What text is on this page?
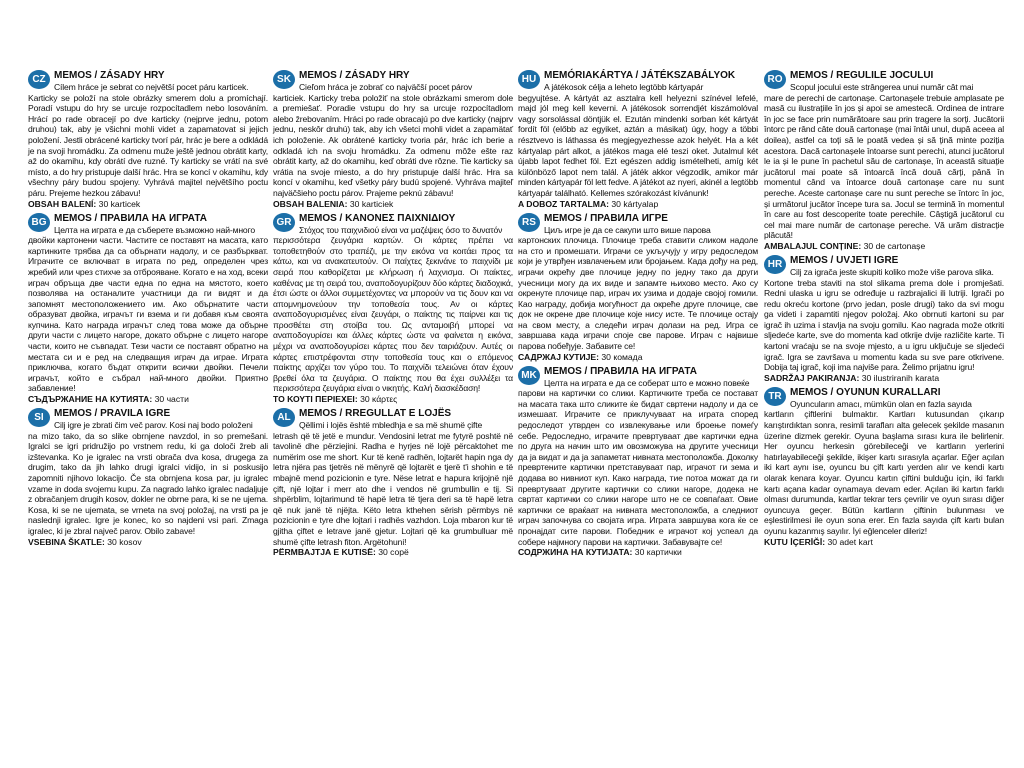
CZ MEMOS / ZÁSADY HRY
Cílem hráce je sebrat co největší pocet páru karticek.
Karticky se položí na stole obrázky smerem dolu a promíchají. Poradí vstupu do hry se urcuje rozpocítadlem nebo losováním. Hrácí po rade obracejí po dve karticky (nejprve jednu, potom druhou) tak, aby je všichni mohli videt a zapamatovat si jejich položení. Jestli obrácené karticky tvorí pár, hrác je bere a odkládá je na svoji hromádku. Za odmenu muže ještě jednou obrátit karty, až do okamihu, kdy obrátí dve ruzné. Ty karticky se vrátí na své místo, a do hry pristupuje další hrác. Hra se koncí v okamihu, kdy všechny páry budou spojeny. Vyhrává majitel největšího poctu páru. Prejeme hezkou zábavu!
OBSAH BALENÍ: 30 karticek
BG MEMOS / ПРАВИЛА НА ИГРАТА
Целта на играта е да съберете възможно най-много
двойки картонени части. Частите се поставят на масата, като картинките трябва да са обърнати надолу, и се разбъркват. Играчите се включват в играта по ред, определен чрез жребий или чрез стихче за отброяване. Когато е на ход, всеки играч обръща две части една по една на мястото, което позволява на останалите участници да ги видят и да запомнят местоположението им. Ако обърнатите части образуват двойка, играчът ги взема и ги добавя към своята купчина. Като награда играчът след това може да обърне други части с лицето нагоре, докато обърне с лицето нагоре части, които не съвпадат. Тези части се поставят обратно на местата си и е ред на следващия играч да играе. Играта приключва, когато бъдат открити всички двойки. Печели играчът, който е събрал най-много двойки. Приятно забавление!
СЪДЪРЖАНИЕ НА КУТИЯТА: 30 части
SI	MEMOS / PRAVILA IGRE
Cilj igre je zbrati čim več parov. Kosi naj bodo položeni
na mizo tako, da so slike obrnjene navzdol, in so premešani. Igralci se igri pridružijo po vrstnem redu, ki ga določi žreb ali izštevanka. Ko je igralec na vrsti obrača dva kosa, drugega za drugim, tako da jih lahko drugi igralci vidijo, in si poskusijo zapomniti njihovo lokacijo. Če sta obrnjena kosa par, ju igralec vzame in doda svojemu kupu. Za nagrado lahko igralec nadaljuje z obračanjem drugih kosov, dokler ne obrne para, ki se ne ujema. Kosa, ki se ne ujemata, se vrneta na svoj položaj, na vrsti pa je naslednji igralec. Igre je konec, ko so najdeni vsi pari. Zmaga igralec, ki je zbral največ parov. Obilo zabave!
VSEBINA ŠKATLE: 30 kosov
SK MEMOS / ZÁSADY HRY
Cieľom hráca je zobrať co najväčší pocet párov
karticiek. Karticky treba položiť na stole obrázkami smerom dole a premiešať. Poradie vstupu do hry sa urcuje rozpocítadlom alebo žrebovaním. Hráci po rade obracajú po dve karticky (najprv jednu, neskôr druhú) tak, aby ich všetci mohli videt a zapamätať ich položenie. Ak obrátené karticky tvoria pár, hrác ich berie a odkladá ich na svoju hromádku. Za odmenu môže ešte raz obrátit karty, až do okamihu, keď obráti dve rôzne. Tie karticky sa vrátia na svoje miesto, a do hry pristupuje další hrác. Hra sa koncí v okamihu, keď všetky páry budú spojené. Vyhráva majiteľ najväčšieho poctu párov. Prajeme peknú zábavu!
OBSAH BALENIA: 30 karticiek
GR MEMOS / ΚΑΝΟΝΕΣ ΠΑΙΧΝΙΔΙΟΥ
Στόχος του παιχνιδιού είναι να μαζέψεις όσο το δυνατόν
περισσότερα ζευγάρια καρτών. Οι κάρτες πρέπει να τοποθετηθούν στο τραπέζι, με την εικόνα να κοιτάει προς τα κάτω, και να ανακατευτούν. Οι παίχτες ξεκινάνε το παιχνίδι με σειρά που καθορίζεται με κλήρωση ή λαχνισμα. Οι παίκτες, καθένας με τη σειρά του, αναποδογυρίζουν δύο κάρτες διαδοχικά, έτσι ώστε οι άλλοι συμμετέχοντες να μπορούν να τις δουν και να απομνημονεύουν την τοποθεσία τους. Αν οι κάρτες αναποδογυρισμένες είναι ζευγάρι, ο παίκτης τις παίρνει και τις προσθέτει στη στοίβα του. Ως ανταμοιβή μπορεί να αναποδογυρίσει και άλλες κάρτες ώστε να φαίνεται η εικόνα, μέχρι να αναποδογυρίσει κάρτες που δεν ταιριάζουν. Αυτές οι κάρτες επιστρέφονται στην τοποθεσία τους και ο επόμενος παίκτης αρχίζει τον γύρο του. Το παιχνίδι τελειώνει όταν έχουν βρεθεί όλα τα ζευγάρια. Ο παίκτης που θα έχει συλλέξει τα περισσότερα ζευγάρια είναι ο νικητής. Καλή διασκέδαση!
ΤΟ ΚΟΥΤΙ ΠΕΡΙΕΧΕΙ: 30 κάρτες
AL MEMOS / RREGULLAT E LOJËS
Qëllimi i lojës është mbledhja e sa më shumë çifte
letrash që të jetë e mundur. Vendosini letrat me fytyrë poshtë në tavolinë dhe përziejini. Radha e hyrjes në lojë përcaktohet me numërim ose me short. Kur të kenë radhën, lojtarët hapin nga dy letra njëra pas tjetrës në mënyrë që lojtarët e tjerë t'i shohin e të mbajnë mend pozicionin e tyre. Nëse letrat e hapura krijojnë një çift, një lojtar i merr ato dhe i vendos në grumbullin e tij. Si shpërblim, lojtarimund të hapë letra të tjera deri sa të hapë letra që nuk janë të njëjta. Këto letra kthehen sërish përmbys në pozicionin e tyre dhe lojtari i radhës vazhdon. Loja mbaron kur të gjitha çiftet e letrave janë gjetur. Lojtari që ka grumbulluar më shumë çifte letrash fiton. Argëtohuni!
PËRMBAJTJA E KUTISË: 30 copë
HU MEMÓRIAKÁRTYA / JÁTÉKSZABÁLYOK
A játékosok célja a leheto legtöbb kártyapár
begyujtése. A kártyát az asztalra kell helyezni színével lefelé, majd jól meg kell keverni. A játékosok sorrendjét kiszámolóval vagy sorsolással döntjük el. Ezután mindenki sorban két kártyát fordít föl (előbb az egyiket, aztán a másikat) úgy, hogy a többi résztvevo is láthassa és megjegyezhesse azok helyét. Ha a két kártyalap párt alkot, a játékos maga elé teszi oket. Jutalmul két újabb lapot fedhet föl. Ezt egészen addig ismételheti, amíg két különböző lapot nem talál. A játék akkor végzodik, amikor már minden kártyapár föl lett fedve. A játékot az nyeri, akinél a legtöbb kártyapár található. Kellemes szórakozást kívánunk!
A DOBOZ TARTALMA: 30 kártyalap
RS MEMOS / ПРАВИЛА ИГРЕ
Циљ игре је да се сакупи што више парова
картонских плочица. Плочице треба ставити сликом надоле на сто и промешати. Играчи се укључују у игру редоследом који је утврђен извлачењем или бројањем. Када дођу на ред, играчи окрећу две плочице једну по једну тако да други учесници могу да их виде и запамте њихово место. Ако су окренуте плочице пар, играч их узима и додаје својој гомили. Као награду, добија могућност да окреће друге плочице, све док не окрене две плочице које нису исте. Те плочице остају на свом месту, а следећи играч долази на ред. Игра се завршава када играчи споје све парове. Играч с највише парова побеђује. Забавите се!
САДРЖАЈ КУТИЈЕ: 30 комада
MK MEMOS / ПРАВИЛА НА ИГРАТА
Целта на играта е да се соберат што е можно повеќе
парови на картички со слики. Картичките треба се постават на масата така што сликите ќе бидат свртени надолу и да се измешаат. Играчите се приклучуваат на играта според редоследот утврден со извлекување или броење помеѓу себе. Редоследно, играчите превртуваат две картички една по друга на начин што им овозможува на другите учесници да ја видат и да ја запаметат нивната местоположба. Доколку превртените картички претставуваат пар, играчот ги зема и додава во нивниот куп. Како награда, тие потоа можат да ги превртуваат другите картички со слики нагоре, додека не свртат картички со слики нагоре што не се совпаѓаат. Овие картички се враќаат на нивната местоположба, а следниот играч започнува со својата игра. Играта завршува кога ќе се пронајдат сите парови. Победник е играчот кој успеал да собере најмногу парови на картички. Забавувајте се!
СОДРЖИНА НА КУТИЈАТА: 30 картички
RO MEMOS / REGULILE JOCULUI
Scopul jocului este strângerea unui număr cât mai
mare de perechi de cartonașe. Cartonașele trebuie amplasate pe masă cu ilustrațiile în jos și apoi se amestecă. Ordinea de intrare în joc se face prin numărătoare sau prin tragere la sorți. Jucătorii întorc pe rând câte două cartonașe (mai întâi unul, după aceea al doilea), astfel ca toți să le poată vedea și să țină minte poziția acestora. Dacă cartonașele întoarse sunt perechi, atunci jucătorul le ia și le pune în pachetul său de cartonașe, în această situație jucătorul mai poate să întoarcă încă două cărți, până în momentul când va întoarce două cartonașe care nu sunt pereche. Aceste cartonașe care nu sunt pereche se întorc în joc, și următorul jucător începe tura sa. Jocul se termină în momentul în care au fost descoperite toate perechile. Câștigă jucătorul cu cel mai mare număr de cartonașe pereche. Vă urăm distracție plăcută!
AMBALAJUL CONȚINE: 30 de cartonașe
HR MEMOS / UVJETI IGRE
Cilj za igrača jeste skupiti koliko može više parova slika.
Kortone treba staviti na stol slikama prema dole i promješati. Redni ulaska u igru se određuje u razbrajalici ili lutriji. Igrači po redu okreću kortone (prvo jedan, posle drugi) tako da svi mogu ga videti i zapamtiti njegov položaj. Ako obrnuti kartoni su par igrač ih uzima i stavlja na svoju gomilu. Kao nagrada može otkriti sljedeće karte, sve do momenta kad otkrije dvije različite karte. Ti kartoni vraćaju se na svoje mjesto, a u igru uključuje se sljedeći igrač. Igra se završava u momentu kada su sve pare otkrivene. Dobija taj igrač, koji ima najviše para. Želimo prijatnu igru!
SADRŽAJ PAKIRANJA: 30 ilustriranih karata
TR MEMOS / OYUNUN KURALLARI
Oyuncuların amacı, mümkün olan en fazla sayıda
kartların çiftlerini bulmaktır. Kartları kutusundan çıkarıp karıştırdıktan sonra, resimli tarafları alta gelecek şekilde masanın üzerine dizmek gerekir. Oyuna başlama sırası kura ile belirlenir. Her oyuncu herkesin görebileceği ve kartların yerlerini hatırlayabileceği şekilde, ikişer kartı sırasıyla açarlar. Eğer açılan iki kart aynı ise, oyuncu bu çift kartı yerden alır ve kendi kartı olarak kenara koyar. Oyuncu kartın çiftini bulduğu için, iki farklı kartı açana kadar oynamaya devam eder. Açılan iki kartın farklı olması durumunda, kartlar tekrar ters çevrilir ve oyun sırası diğer oyuncuya geçer. Bütün kartların çiftinin bulunması ve eşlestirilmesi ile oyun sona erer. En fazla sayıda çift kartı bulan oyunu kazanmış sayılır. İyi eğlenceler dileriz!
KUTU İÇERİĞİ: 30 adet kart
